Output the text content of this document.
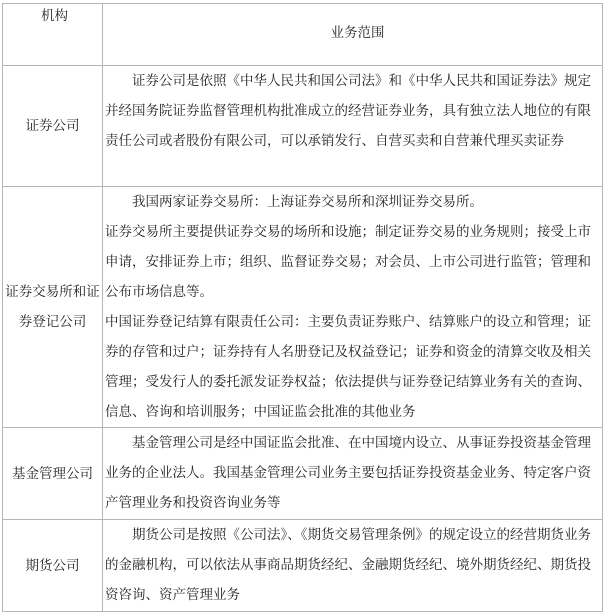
机构	业务范围

证券公司	证券公司是依照《中华人民共和国公司法》和《中华人民共和国证券法》规定并经国务院证券监督管理机构批准成立的经营证券业务，具有独立法人地位的有限责任公司或者股份有限公司，可以承销发行、自营买卖和自营兼代理买卖证券

证券交易所和证券登记公司	我国两家证券交易所：上海证券交易所和深圳证券交易所。
证券交易所主要提供证券交易的场所和设施；制定证券交易的业务规则；接受上市申请，安排证券上市；组织、监督证券交易；对会员、上市公司进行监管；管理和公布市场信息等。
中国证券登记结算有限责任公司：主要负责证券账户、结算账户的设立和管理；证券的存管和过户；证券持有人名册登记及权益登记；证券和资金的清算交收及相关管理；受发行人的委托派发证券权益；依法提供与证券登记结算业务有关的查询、信息、咨询和培训服务；中国证监会批准的其他业务

基金管理公司	基金管理公司是经中国证监会批准、在中国境内设立、从事证券投资基金管理业务的企业法人。我国基金管理公司业务主要包括证券投资基金业务、特定客户资产管理业务和投资咨询业务等

期货公司	期货公司是按照《公司法》、《期货交易管理条例》的规定设立的经营期货业务的金融机构，可以依法从事商品期货经纪、金融期货经纪、境外期货经纪、期货投资咨询、资产管理业务
